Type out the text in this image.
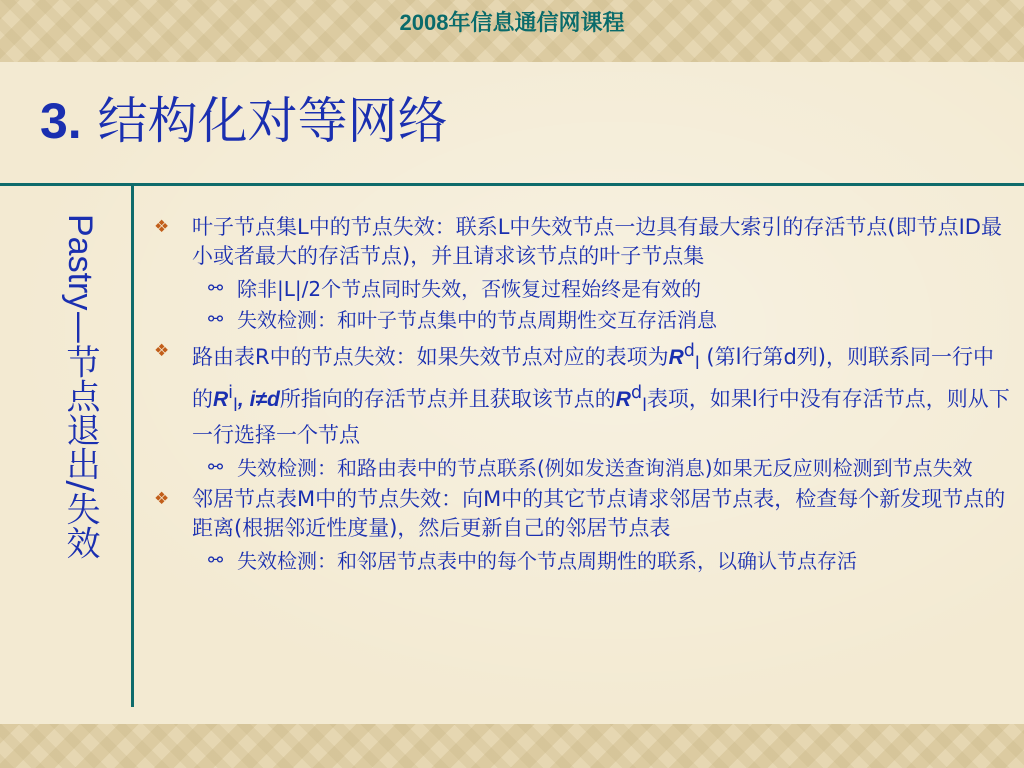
2008年信息通信网课程
3. 结构化对等网络
Pastry—节点退出/失效
❖ 叶子节点集L中的节点失效：联系L中失效节点一边具有最大索引的存活节点(即节点ID最小或者最大的存活节点)，并且请求该节点的叶子节点集
⚯ 除非|L|/2个节点同时失效，否恢复过程始终是有效的
⚯ 失效检测：和叶子节点集中的节点周期性交互存活消息
❖ 路由表R中的节点失效：如果失效节点对应的表项为$R^d_l$ (第l行第d列)，则联系同一行中的$R^i_l$, i≠d所指向的存活节点并且获取该节点的$R^d_l$表项，如果l行中没有存活节点，则从下一行选择一个节点
⚯ 失效检测：和路由表中的节点联系(例如发送查询消息)如果无反应则检测到节点失效
❖ 邻居节点表M中的节点失效：向M中的其它节点请求邻居节点表，检查每个新发现节点的距离(根据邻近性度量)，然后更新自己的邻居节点表
⚯ 失效检测：和邻居节点表中的每个节点周期性的联系，以确认节点存活
